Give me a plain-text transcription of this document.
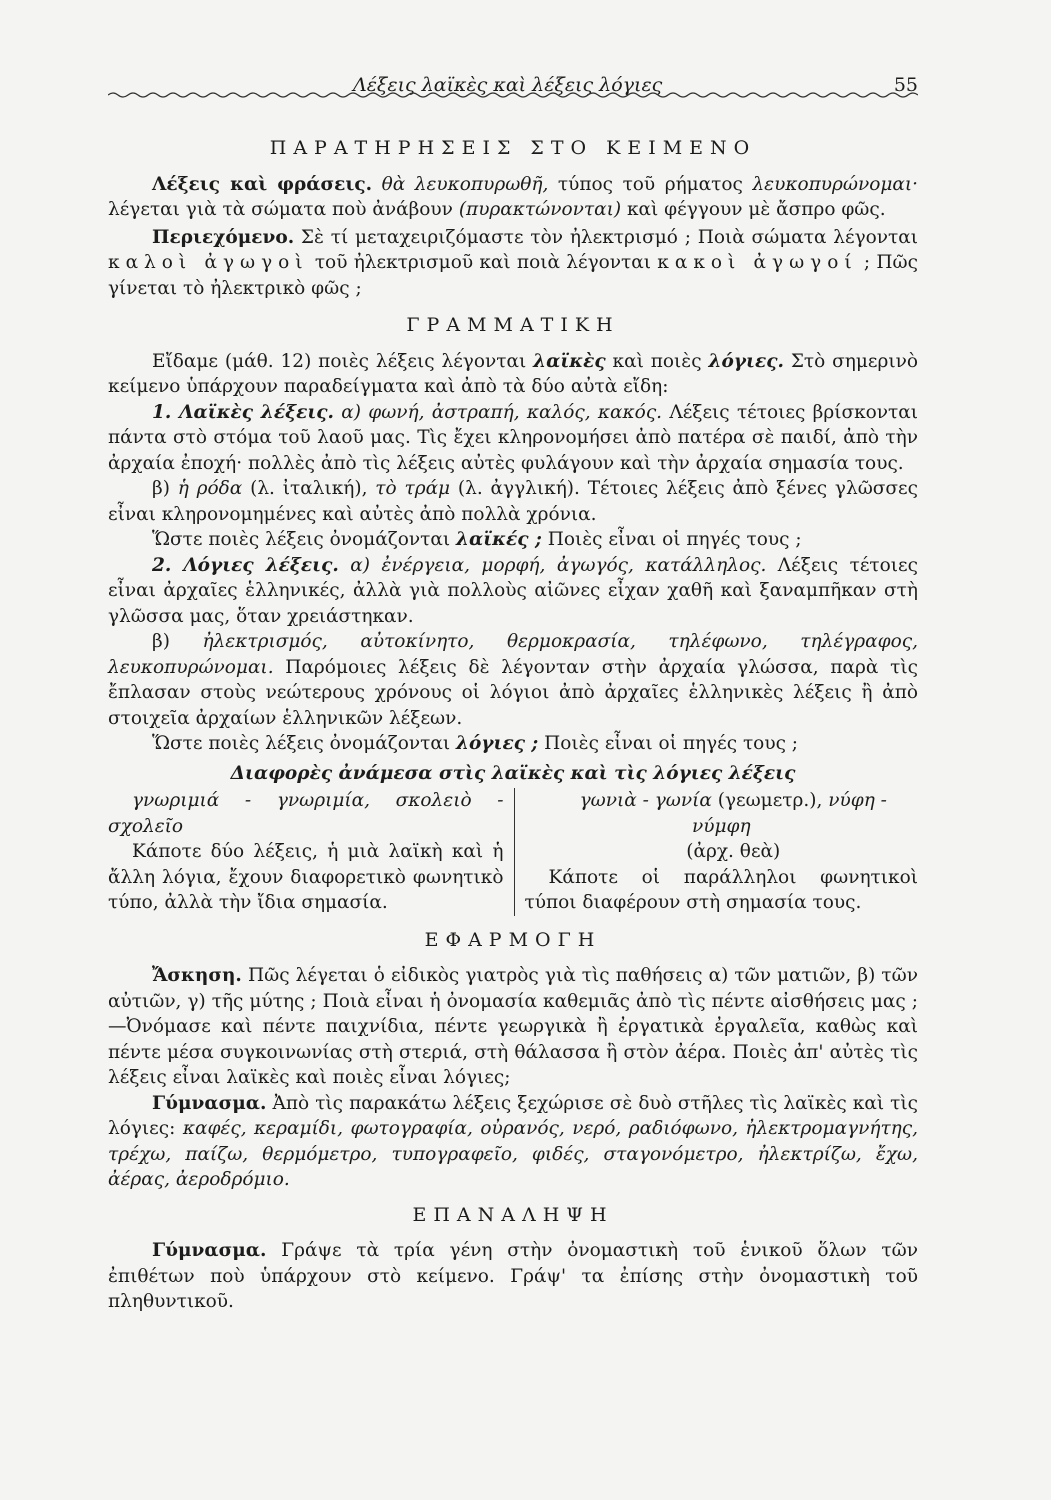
Λέξεις λαϊκὲς καὶ λέξεις λόγιες	55
ΠΑΡΑΤΗΡΗΣΕΙΣ ΣΤΟ ΚΕΙΜΕΝΟ

Λέξεις καὶ φράσεις. θὰ λευκοπυρωθῆ, τύπος τοῦ ρήματος λευκοπυρώνομαι· λέγεται γιὰ τὰ σώματα ποὺ ἀνάβουν (πυρακτώνονται) καὶ φέγγουν μὲ ἄσπρο φῶς.

Περιεχόμενο. Σὲ τί μεταχειριζόμαστε τὸν ἠλεκτρισμό ; Ποιὰ σώματα λέγονται καλοὶ ἀγωγοὶ τοῦ ἠλεκτρισμοῦ καὶ ποιὰ λέγονται κακοὶ ἀγωγοί ; Πῶς γίνεται τὸ ἠλεκτρικὸ φῶς ;

ΓΡΑΜΜΑΤΙΚΗ

Εἴδαμε (μάθ. 12) ποιὲς λέξεις λέγονται λαϊκὲς καὶ ποιὲς λόγιες. Στὸ σημερινὸ κείμενο ὑπάρχουν παραδείγματα καὶ ἀπὸ τὰ δύο αὐτὰ εἴδη:

1. Λαϊκὲς λέξεις. α) φωνή, ἀστραπή, καλός, κακός. Λέξεις τέτοιες βρίσκονται πάντα στὸ στόμα τοῦ λαοῦ μας. Τὶς ἔχει κληρονομήσει ἀπὸ πατέρα σὲ παιδί, ἀπὸ τὴν ἀρχαία ἐποχή· πολλὲς ἀπὸ τὶς λέξεις αὐτὲς φυλάγουν καὶ τὴν ἀρχαία σημασία τους.

β) ἡ ρόδα (λ. ἰταλική), τὸ τράμ (λ. ἀγγλική). Τέτοιες λέξεις ἀπὸ ξένες γλῶσσες εἶναι κληρονομημένες καὶ αὐτὲς ἀπὸ πολλὰ χρόνια.

Ὥστε ποιὲς λέξεις ὀνομάζονται λαϊκές ; Ποιὲς εἶναι οἱ πηγές τους ;

2. Λόγιες λέξεις. α) ἐνέργεια, μορφή, ἀγωγός, κατάλληλος. Λέξεις τέτοιες εἶναι ἀρχαῖες ἑλληνικές, ἀλλὰ γιὰ πολλοὺς αἰῶνες εἶχαν χαθῆ καὶ ξαναμπῆκαν στὴ γλῶσσα μας, ὅταν χρειάστηκαν.

β) ἠλεκτρισμός, αὐτοκίνητο, θερμοκρασία, τηλέφωνο, τηλέγραφος, λευκοπυρώνομαι. Παρόμοιες λέξεις δὲ λέγονταν στὴν ἀρχαία γλώσσα, παρὰ τὶς ἔπλασαν στοὺς νεώτερους χρόνους οἱ λόγιοι ἀπὸ ἀρχαῖες ἑλληνικὲς λέξεις ἢ ἀπὸ στοιχεῖα ἀρχαίων ἑλληνικῶν λέξεων.

Ὥστε ποιὲς λέξεις ὀνομάζονται λόγιες ; Ποιὲς εἶναι οἱ πηγές τους ;

Διαφορὲς ἀνάμεσα στὶς λαϊκὲς καὶ τὶς λόγιες λέξεις

γνωριμιά - γνωριμία, σκολειὸ - σχολεῖο

Κάποτε δύο λέξεις, ἡ μιὰ λαϊκὴ καὶ ἡ ἄλλη λόγια, ἔχουν διαφορετικὸ φωνητικὸ τύπο, ἀλλὰ τὴν ἴδια σημασία.

γωνιὰ - γωνία (γεωμετρ.), νύφη - νύμφη

(ἀρχ. θεὰ)

Κάποτε οἱ παράλληλοι φωνητικοὶ τύποι διαφέρουν στὴ σημασία τους.

ΕΦΑΡΜΟΓΗ

Ἄσκηση. Πῶς λέγεται ὁ εἰδικὸς γιατρὸς γιὰ τὶς παθήσεις α) τῶν ματιῶν, β) τῶν αὐτιῶν, γ) τῆς μύτης ; Ποιὰ εἶναι ἡ ὀνομασία καθεμιᾶς ἀπὸ τὶς πέντε αἰσθήσεις μας ;—Ὀνόμασε καὶ πέντε παιχνίδια, πέντε γεωργικὰ ἢ ἐργατικὰ ἐργαλεῖα, καθὼς καὶ πέντε μέσα συγκοινωνίας στὴ στεριά, στὴ θάλασσα ἢ στὸν ἀέρα. Ποιὲς ἀπ' αὐτὲς τὶς λέξεις εἶναι λαϊκὲς καὶ ποιὲς εἶναι λόγιες;

Γύμνασμα. Ἀπὸ τὶς παρακάτω λέξεις ξεχώρισε σὲ δυὸ στῆλες τὶς λαϊκὲς καὶ τὶς λόγιες: καφές, κεραμίδι, φωτογραφία, οὐρανός, νερό, ραδιόφωνο, ἠλεκτρομαγνήτης, τρέχω, παίζω, θερμόμετρο, τυπογραφεῖο, φιδές, σταγονόμετρο, ἠλεκτρίζω, ἔχω, ἀέρας, ἀεροδρόμιο.

ΕΠΑΝΑΛΗΨΗ

Γύμνασμα. Γράψε τὰ τρία γένη στὴν ὀνομαστικὴ τοῦ ἑνικοῦ ὅλων τῶν ἐπιθέτων ποὺ ὑπάρχουν στὸ κείμενο. Γράψ' τα ἐπίσης στὴν ὀνομαστικὴ τοῦ πληθυντικοῦ.
